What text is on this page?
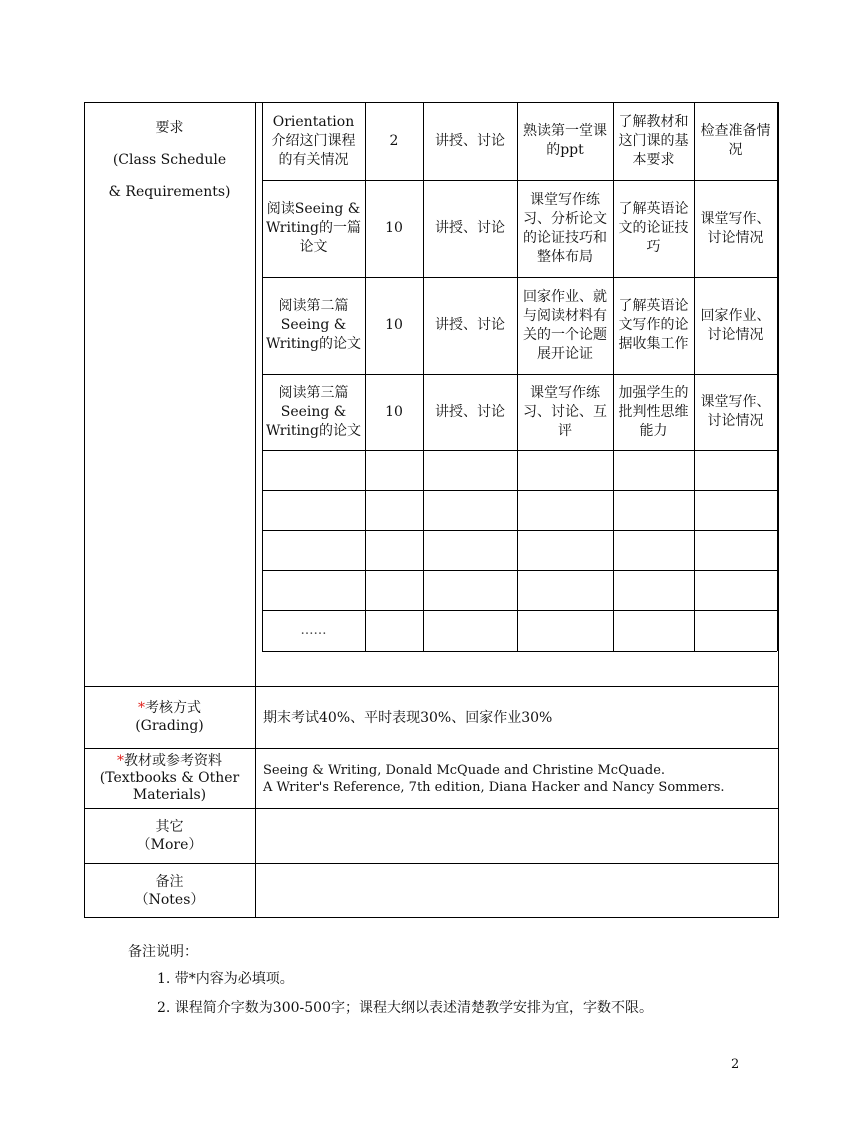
要求
(Class Schedule
& Requirements)
Orientation 介绍这门课程的有关情况
2	讲授、讨论
熟读第一堂课的ppt
了解教材和这门课的基本要求
检查准备情况
阅读Seeing & Writing的一篇论文
10 讲授、讨论
课堂写作练习、分析论文的论证技巧和整体布局
了解英语论文的论证技巧
课堂写作、讨论情况
阅读第二篇Seeing & Writing的论文
10 讲授、讨论
回家作业、就与阅读材料有关的一个论题展开论证
了解英语论文写作的论据收集工作
回家作业、讨论情况
阅读第三篇Seeing & Writing的论文
10 讲授、讨论
课堂写作练习、讨论、互评
加强学生的批判性思维能力
课堂写作、讨论情况
……
*考核方式
(Grading)	期末考试40%、平时表现30%、回家作业30%
*教材或参考资料
(Textbooks & Other
Materials)
Seeing & Writing, Donald McQuade and Christine McQuade.
A Writer's Reference, 7th edition, Diana Hacker and Nancy Sommers.
其它
（More）
备注
（Notes）
备注说明：
1. 带*内容为必填项。
2. 课程简介字数为300-500字；课程大纲以表述清楚教学安排为宜，字数不限。
2
